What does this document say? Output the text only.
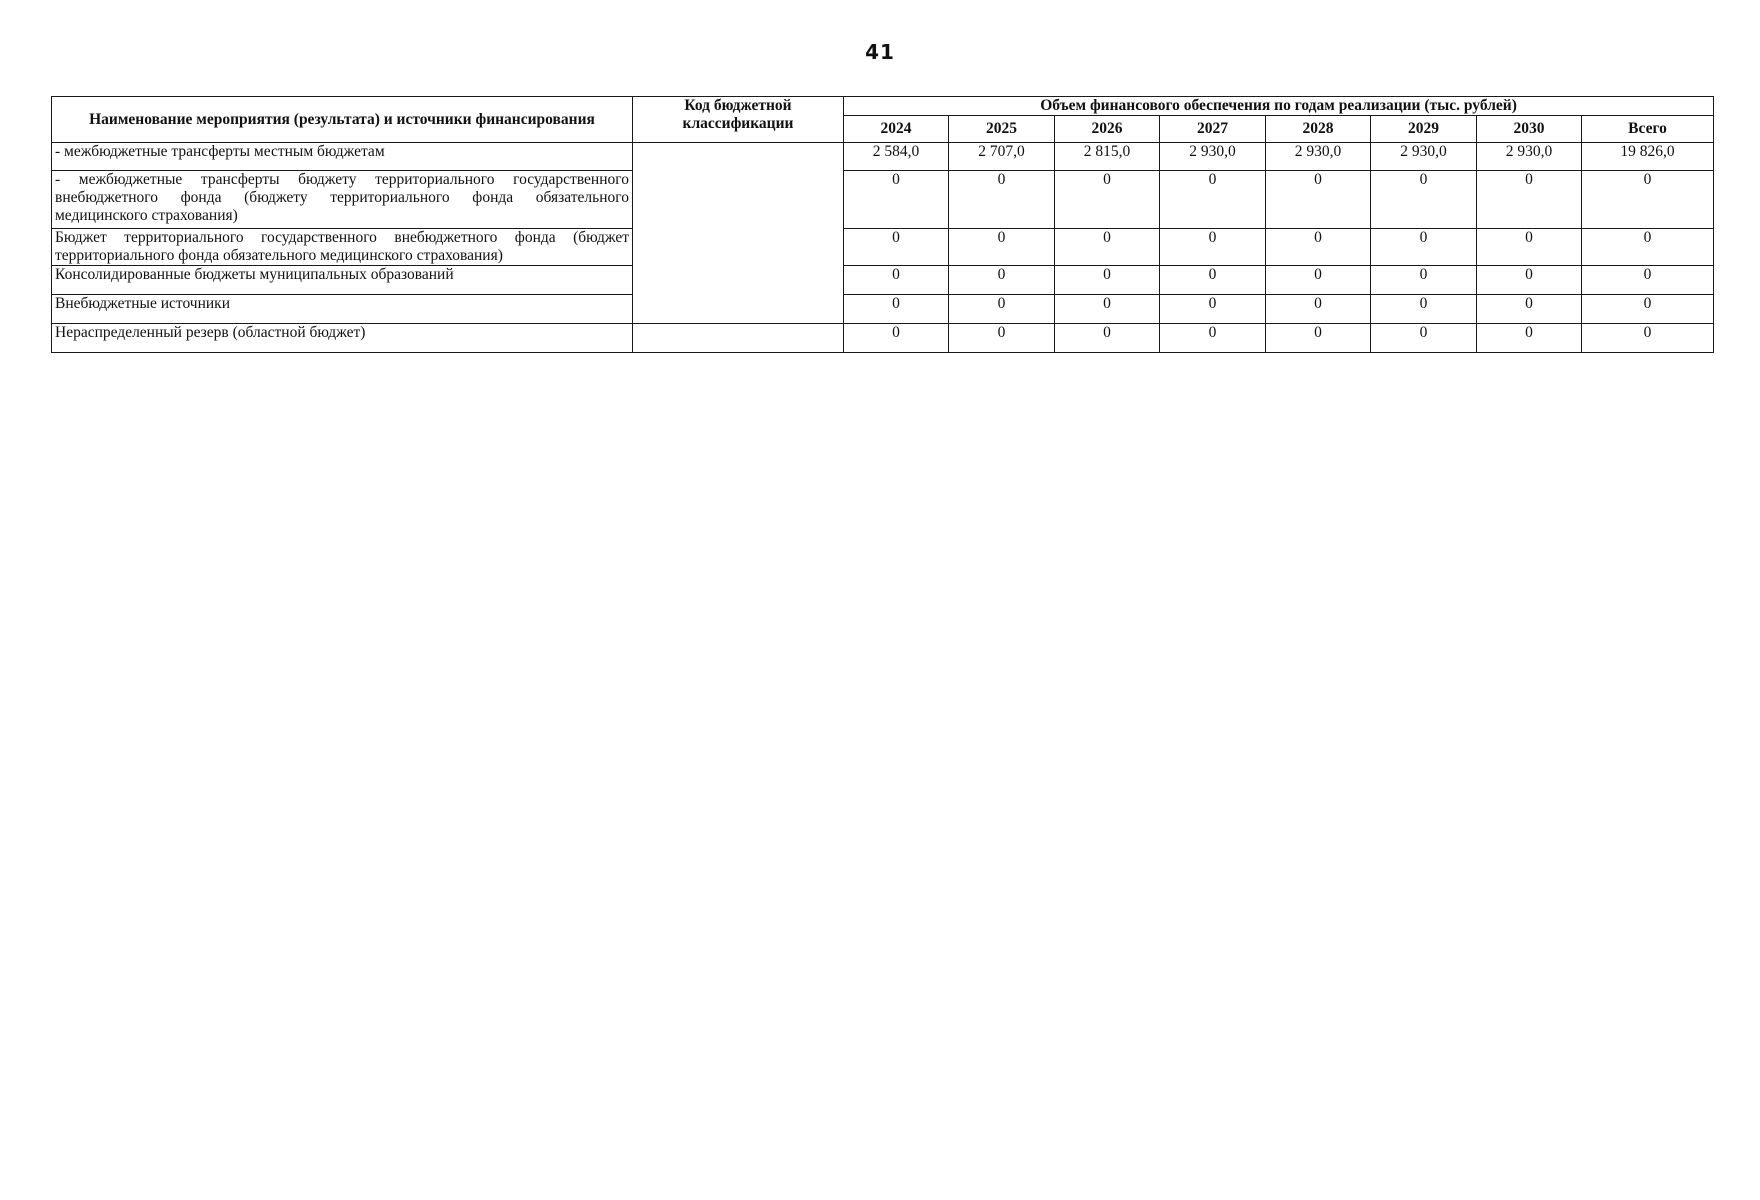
41
Наименование мероприятия (результата) и источники финансирования	Код бюджетной классификации	Объем финансового обеспечения по годам реализации (тыс. рублей)							
		2024	2025	2026	2027	2028	2029	2030	Всего
- межбюджетные трансферты местным бюджетам		2 584,0	2 707,0	2 815,0	2 930,0	2 930,0	2 930,0	2 930,0	19 826,0
- межбюджетные трансферты бюджету территориального государственного внебюджетного фонда (бюджету территориального фонда обязательного медицинского страхования)		0	0	0	0	0	0	0	0
Бюджет территориального государственного внебюджетного фонда (бюджет территориального фонда обязательного медицинского страхования)		0	0	0	0	0	0	0	0
Консолидированные бюджеты муниципальных образований		0	0	0	0	0	0	0	0
Внебюджетные источники		0	0	0	0	0	0	0	0
Нераспределенный резерв (областной бюджет)		0	0	0	0	0	0	0	0
